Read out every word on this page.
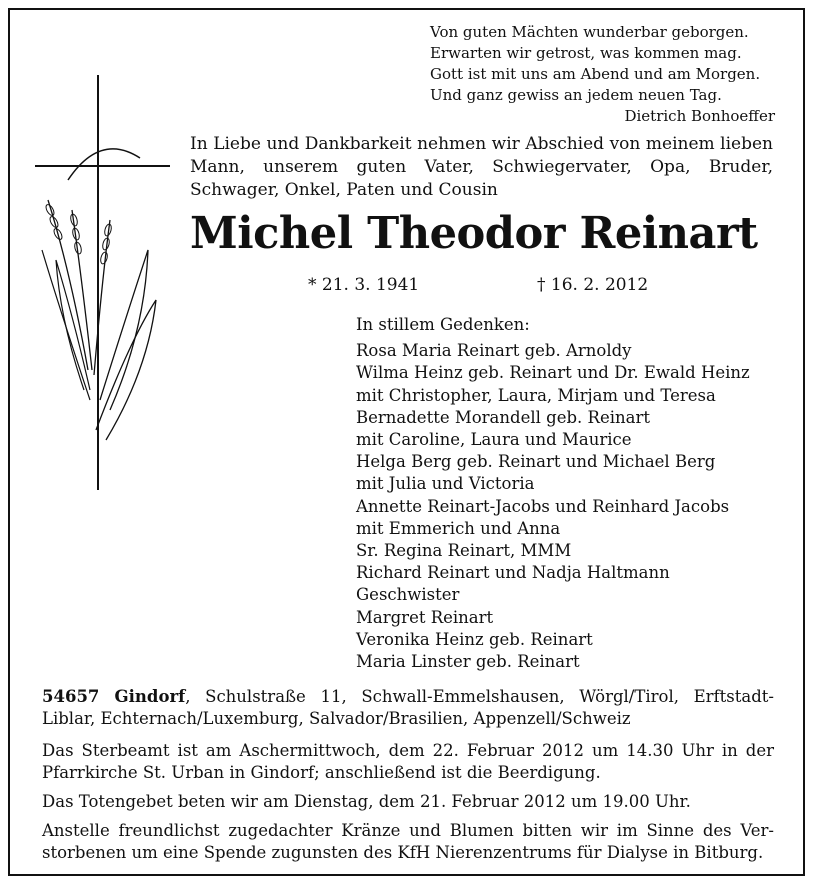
Von guten Mächten wunderbar geborgen.
Erwarten wir getrost, was kommen mag.
Gott ist mit uns am Abend und am Morgen.
Und ganz gewiss an jedem neuen Tag.
Dietrich Bonhoeffer
In Liebe und Dankbarkeit nehmen wir Abschied von meinem lieben
Mann, unserem guten Vater, Schwiegervater, Opa, Bruder,
Schwager, Onkel, Paten und Cousin
Michel Theodor Reinart
* 21. 3. 1941	† 16. 2. 2012
In stillem Gedenken:
Rosa Maria Reinart geb. Arnoldy
Wilma Heinz geb. Reinart und Dr. Ewald Heinz
mit Christopher, Laura, Mirjam und Teresa
Bernadette Morandell geb. Reinart
mit Caroline, Laura und Maurice
Helga Berg geb. Reinart und Michael Berg
mit Julia und Victoria
Annette Reinart-Jacobs und Reinhard Jacobs
mit Emmerich und Anna
Sr. Regina Reinart, MMM
Richard Reinart und Nadja Haltmann
Geschwister
Margret Reinart
Veronika Heinz geb. Reinart
Maria Linster geb. Reinart
54657 Gindorf, Schulstraße 11, Schwall-Emmelshausen, Wörgl/Tirol, Erftstadt-
Liblar, Echternach/Luxemburg, Salvador/Brasilien, Appenzell/Schweiz
Das Sterbeamt ist am Aschermittwoch, dem 22. Februar 2012 um 14.30 Uhr in der
Pfarrkirche St. Urban in Gindorf; anschließend ist die Beerdigung.
Das Totengebet beten wir am Dienstag, dem 21. Februar 2012 um 19.00 Uhr.
Anstelle freundlichst zugedachter Kränze und Blumen bitten wir im Sinne des Ver-
storbenen um eine Spende zugunsten des KfH Nierenzentrums für Dialyse in Bitburg.
